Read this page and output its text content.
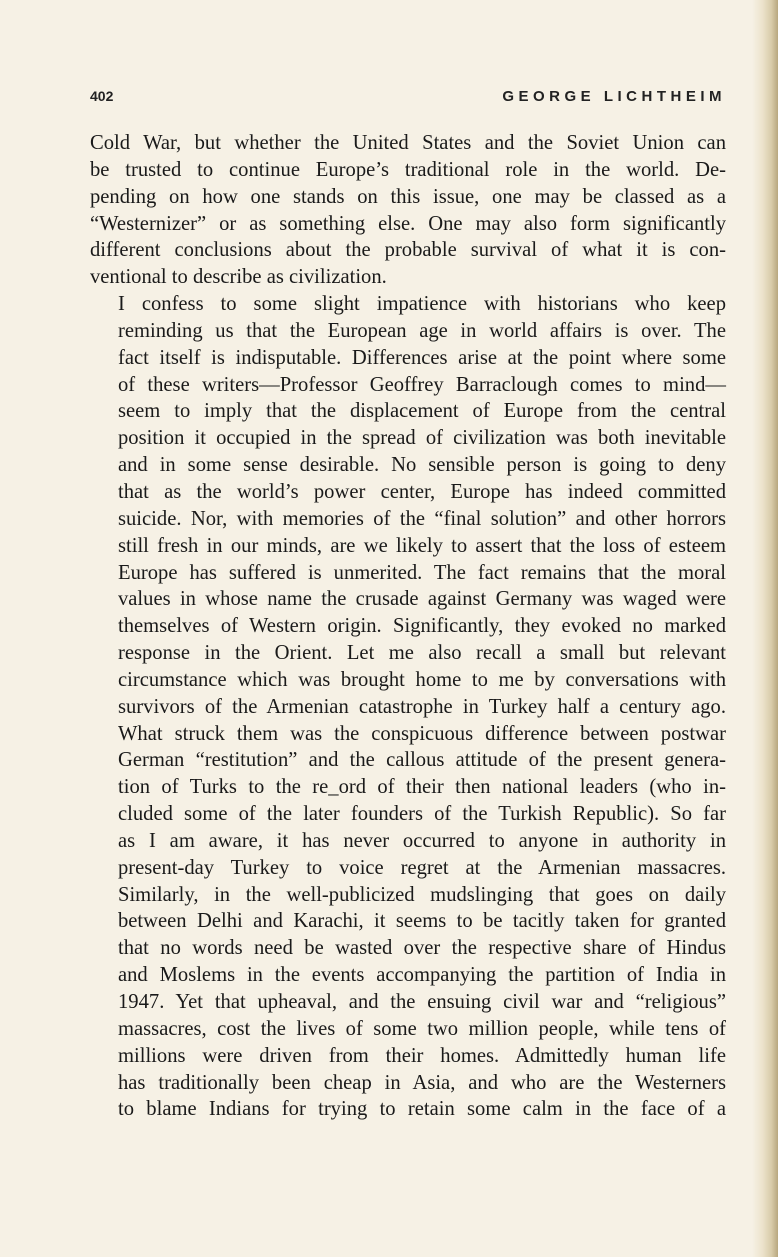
402	GEORGE LICHTHEIM

Cold War, but whether the United States and the Soviet Union can
be trusted to continue Europe’s traditional role in the world. De-
pending on how one stands on this issue, one may be classed as a
“Westernizer” or as something else. One may also form significantly
different conclusions about the probable survival of what it is con-
ventional to describe as civilization.

I confess to some slight impatience with historians who keep
reminding us that the European age in world affairs is over. The
fact itself is indisputable. Differences arise at the point where some
of these writers—Professor Geoffrey Barraclough comes to mind—
seem to imply that the displacement of Europe from the central
position it occupied in the spread of civilization was both inevitable
and in some sense desirable. No sensible person is going to deny
that as the world’s power center, Europe has indeed committed
suicide. Nor, with memories of the “final solution” and other horrors
still fresh in our minds, are we likely to assert that the loss of esteem
Europe has suffered is unmerited. The fact remains that the moral
values in whose name the crusade against Germany was waged were
themselves of Western origin. Significantly, they evoked no marked
response in the Orient. Let me also recall a small but relevant
circumstance which was brought home to me by conversations with
survivors of the Armenian catastrophe in Turkey half a century ago.
What struck them was the conspicuous difference between postwar
German “restitution” and the callous attitude of the present genera-
tion of Turks to the re_ord of their then national leaders (who in-
cluded some of the later founders of the Turkish Republic). So far
as I am aware, it has never occurred to anyone in authority in
present-day Turkey to voice regret at the Armenian massacres.
Similarly, in the well-publicized mudslinging that goes on daily
between Delhi and Karachi, it seems to be tacitly taken for granted
that no words need be wasted over the respective share of Hindus
and Moslems in the events accompanying the partition of India in
1947. Yet that upheaval, and the ensuing civil war and “religious”
massacres, cost the lives of some two million people, while tens of
millions were driven from their homes. Admittedly human life
has traditionally been cheap in Asia, and who are the Westerners
to blame Indians for trying to retain some calm in the face of a
